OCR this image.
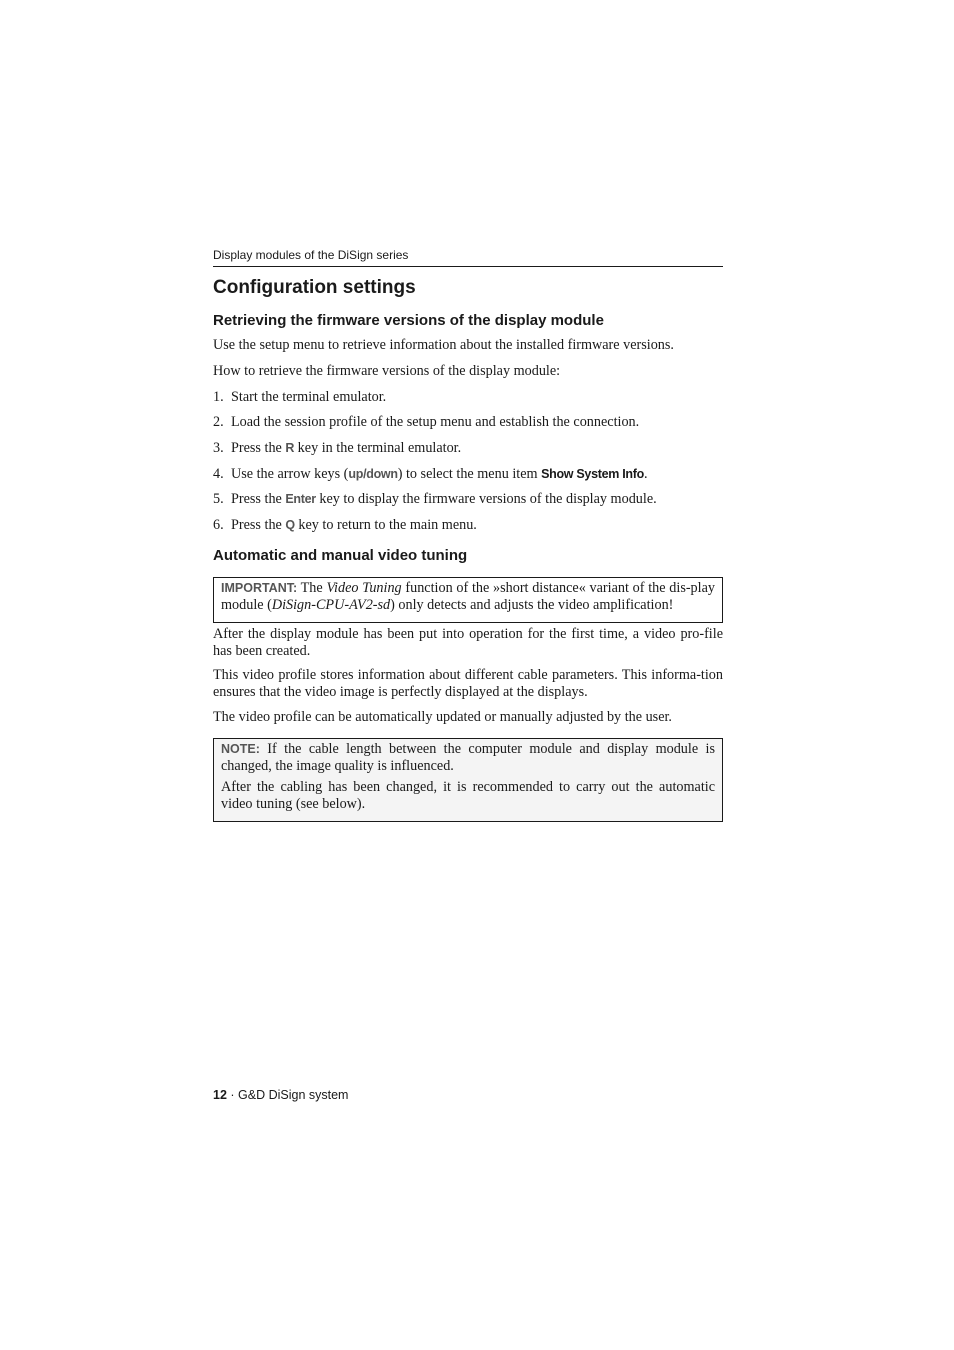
Display modules of the DiSign series
Configuration settings
Retrieving the firmware versions of the display module

Use the setup menu to retrieve information about the installed firmware versions.

How to retrieve the firmware versions of the display module:

1. Start the terminal emulator.
2. Load the session profile of the setup menu and establish the connection.
3. Press the R key in the terminal emulator.
4. Use the arrow keys (up/down) to select the menu item Show System Info.
5. Press the Enter key to display the firmware versions of the display module.
6. Press the Q key to return to the main menu.
Automatic and manual video tuning

IMPORTANT: The Video Tuning function of the »short distance« variant of the dis-play module (DiSign-CPU-AV2-sd) only detects and adjusts the video amplification!

After the display module has been put into operation for the first time, a video pro-file has been created.

This video profile stores information about different cable parameters. This informa-tion ensures that the video image is perfectly displayed at the displays.

The video profile can be automatically updated or manually adjusted by the user.

NOTE: If the cable length between the computer module and display module is changed, the image quality is influenced.

After the cabling has been changed, it is recommended to carry out the automatic video tuning (see below).

12 · G&D DiSign system
